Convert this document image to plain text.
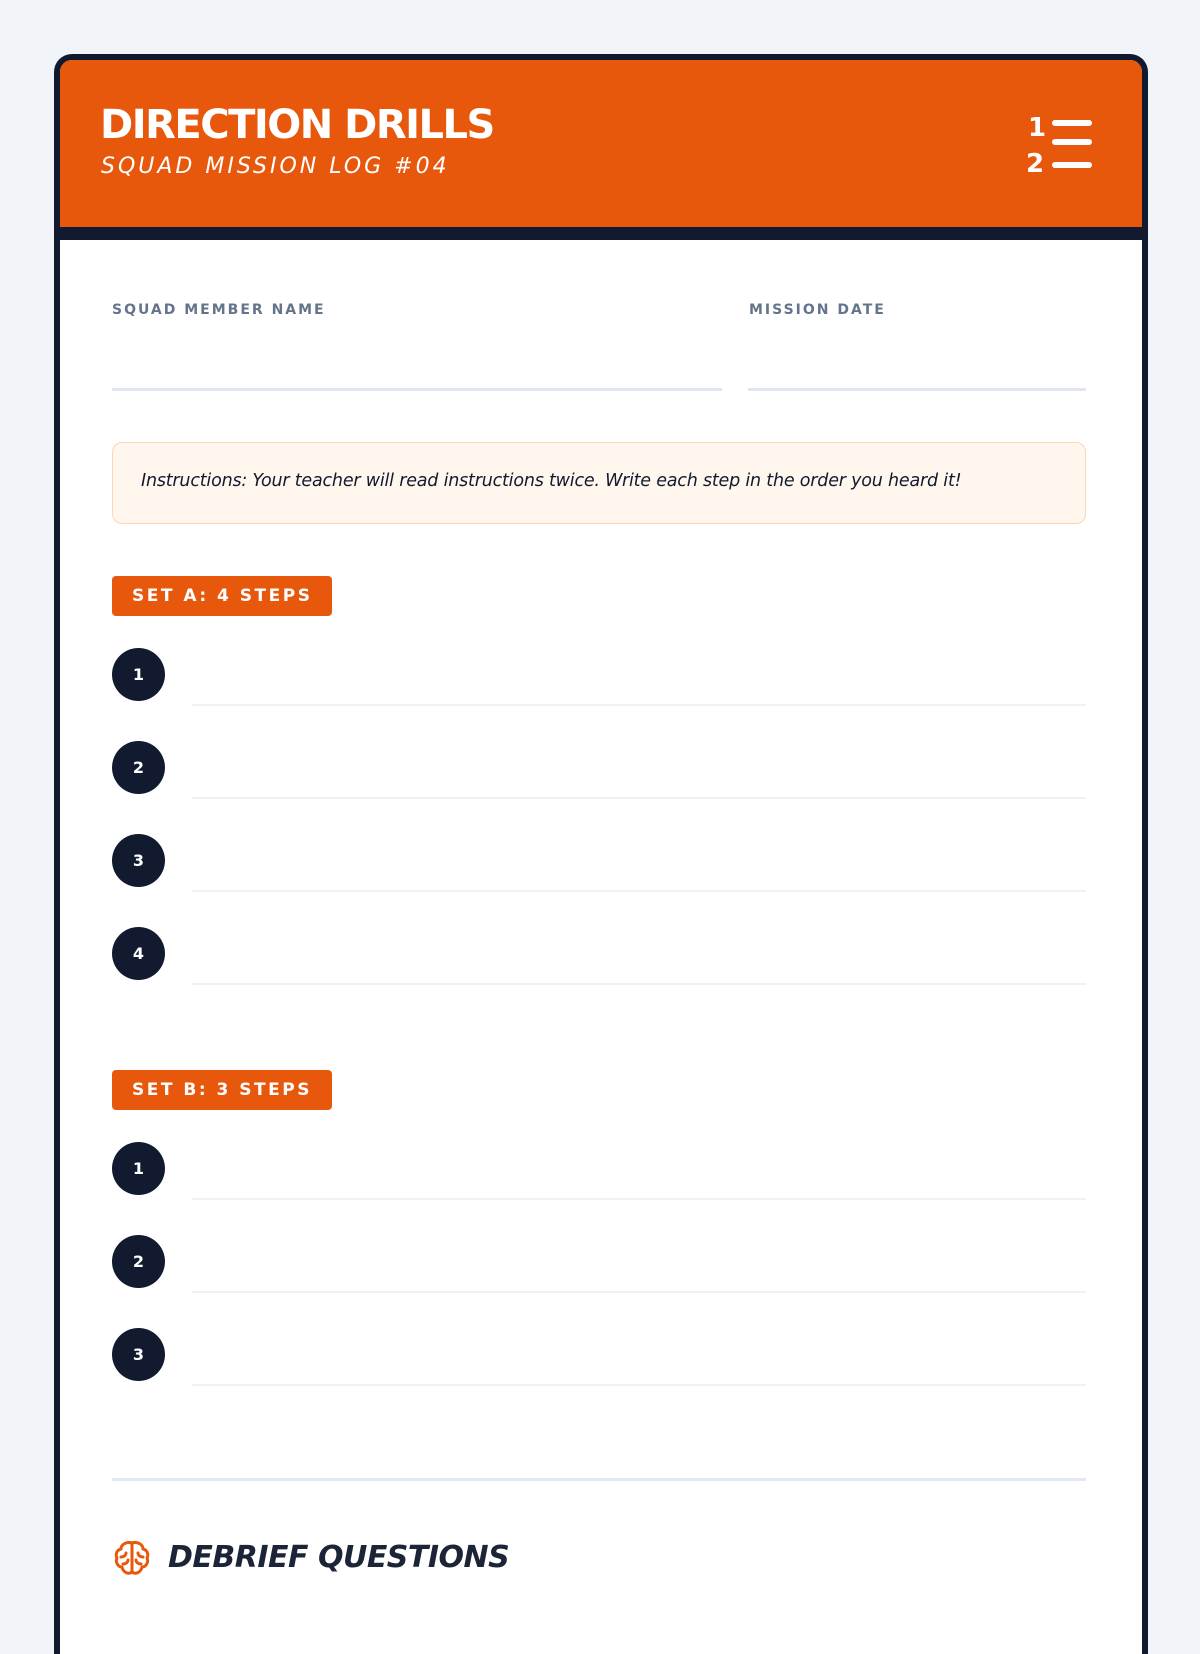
DIRECTION DRILLS
SQUAD MISSION LOG #04
1
2
SQUAD MEMBER NAME	MISSION DATE
Instructions: Your teacher will read instructions twice. Write each step in the order you heard it!
SET A: 4 STEPS
1
2
3
4
SET B: 3 STEPS
1
2
3
DEBRIEF QUESTIONS
